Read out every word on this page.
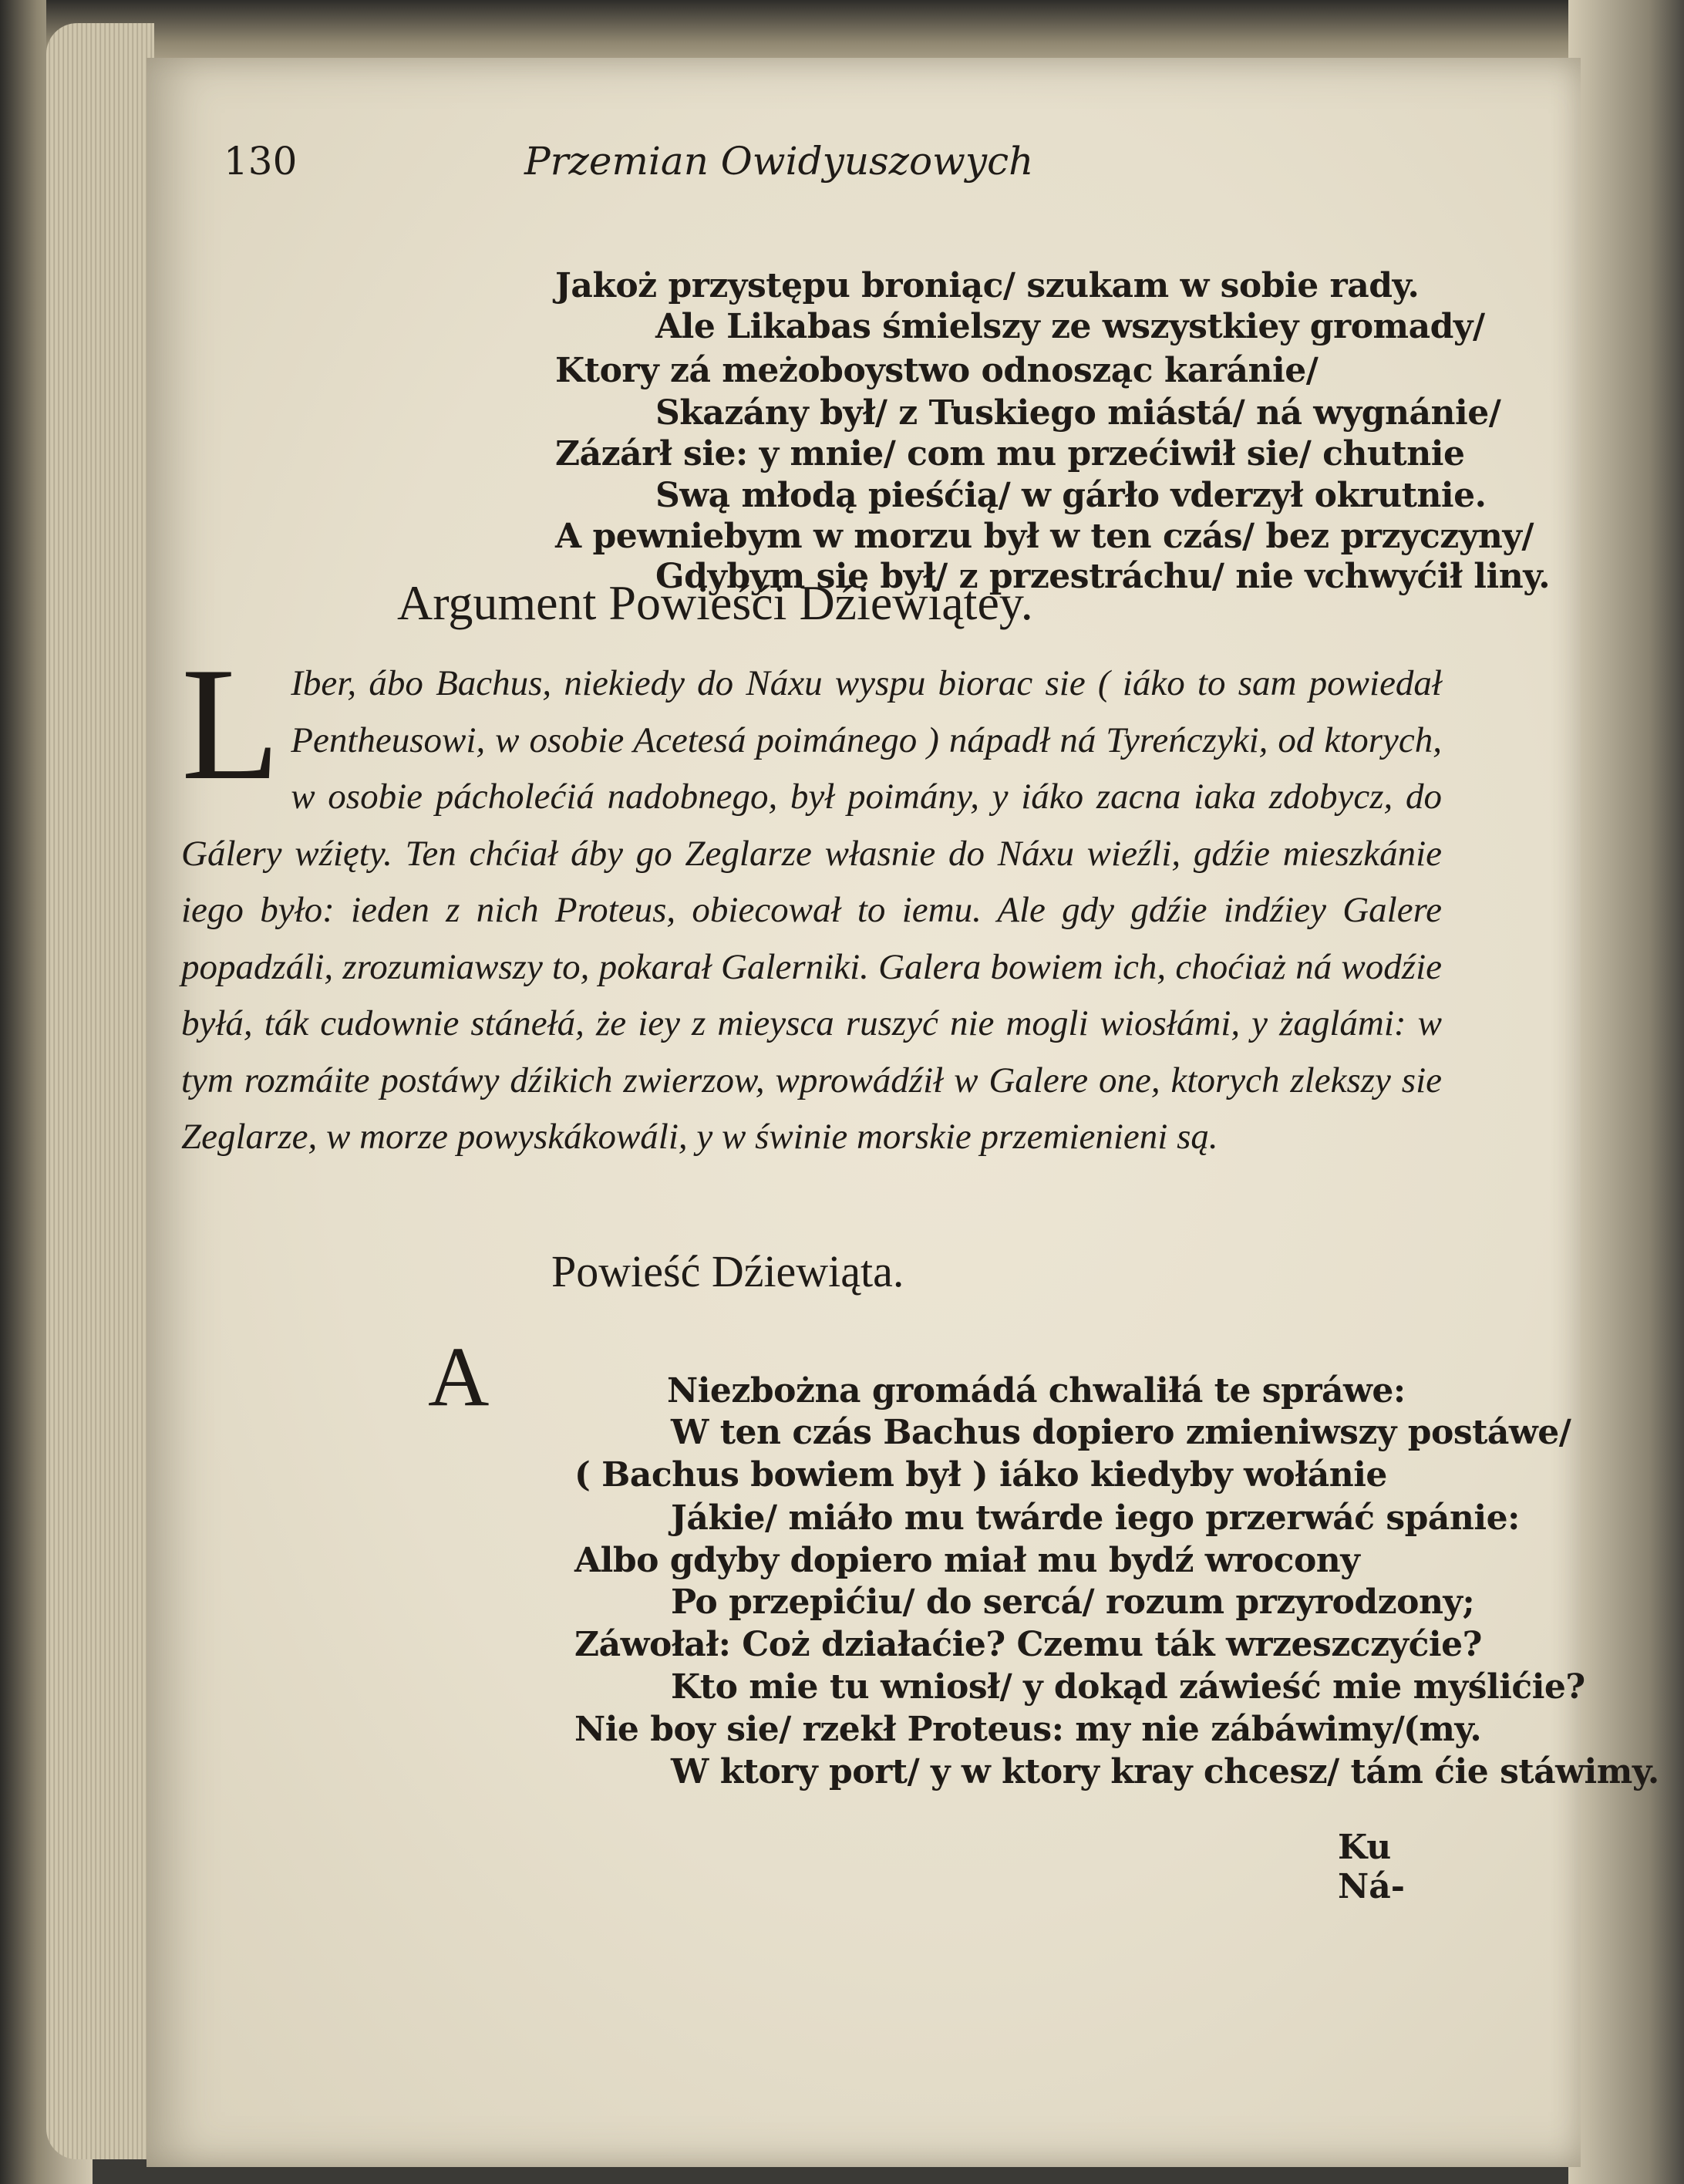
130	Przemian Owidyuszowych
Jakoż przystępu broniąc/ szukam w sobie rady.
Ale Likabas śmielszy ze wszystkiey gromady/
Ktory zá meżoboystwo odnosząc karánie/
Skazány był/ z Tuskiego miástá/ ná wygnánie/
Zázárł sie: y mnie/ com mu przećiwił sie/ chutnie
Swą młodą pieśćią/ w gárło vderzył okrutnie.
A pewniebym w morzu był w ten czás/ bez przyczyny/
Gdybym sie był/ z przestráchu/ nie vchwyćił liny.
Argument Powieśći Dźiewiątey.
L Iber, ábo Bachus, niekiedy do Náxu wyspu biorac sie ( iáko to sam powiedał Pentheusowi, w osobie Acetesá poimánego ) nápadł ná Tyreńczyki, od ktorych, w osobie pácholećiá nadobnego, był poimány, y iáko zacna iaka zdobycz, do Gálery wźięty. Ten chćiał áby go Zeglarze własnie do Náxu wieźli, gdźie mieszkánie iego było: ieden z nich Proteus, obiecował to iemu. Ale gdy gdźie indźiey Galere popadzáli, zrozumiawszy to, pokarał Galerniki. Galera bowiem ich, choćiaż ná wodźie byłá, ták cudownie stánełá, że iey z mieysca ruszyć nie mogli wiosłámi, y żaglámi: w tym rozmáite postáwy dźikich zwierzow, wprowádźił w Galere one, ktorych zlekszy sie Zeglarze, w morze powyskákowáli, y w świnie morskie przemienieni są.
Powieść Dźiewiąta.
A	Niezbożna gromádá chwaliłá te spráwe:
W ten czás Bachus dopiero zmieniwszy postáwe/
( Bachus bowiem był ) iáko kiedyby wołánie
Jákie/ miáło mu twárde iego przerwáć spánie:
Albo gdyby dopiero miał mu bydź wrocony
Po przepićiu/ do sercá/ rozum przyrodzony;
Záwołał: Coż działaćie? Czemu ták wrzeszczyćie?
Kto mie tu wniosł/ y dokąd záwieść mie myślićie?
Nie boy sie/ rzekł Proteus: my nie zábáwimy/
(my.
W ktory port/ y w ktory kray chcesz/ tám ćie stáwimy.
Ku Ná-
